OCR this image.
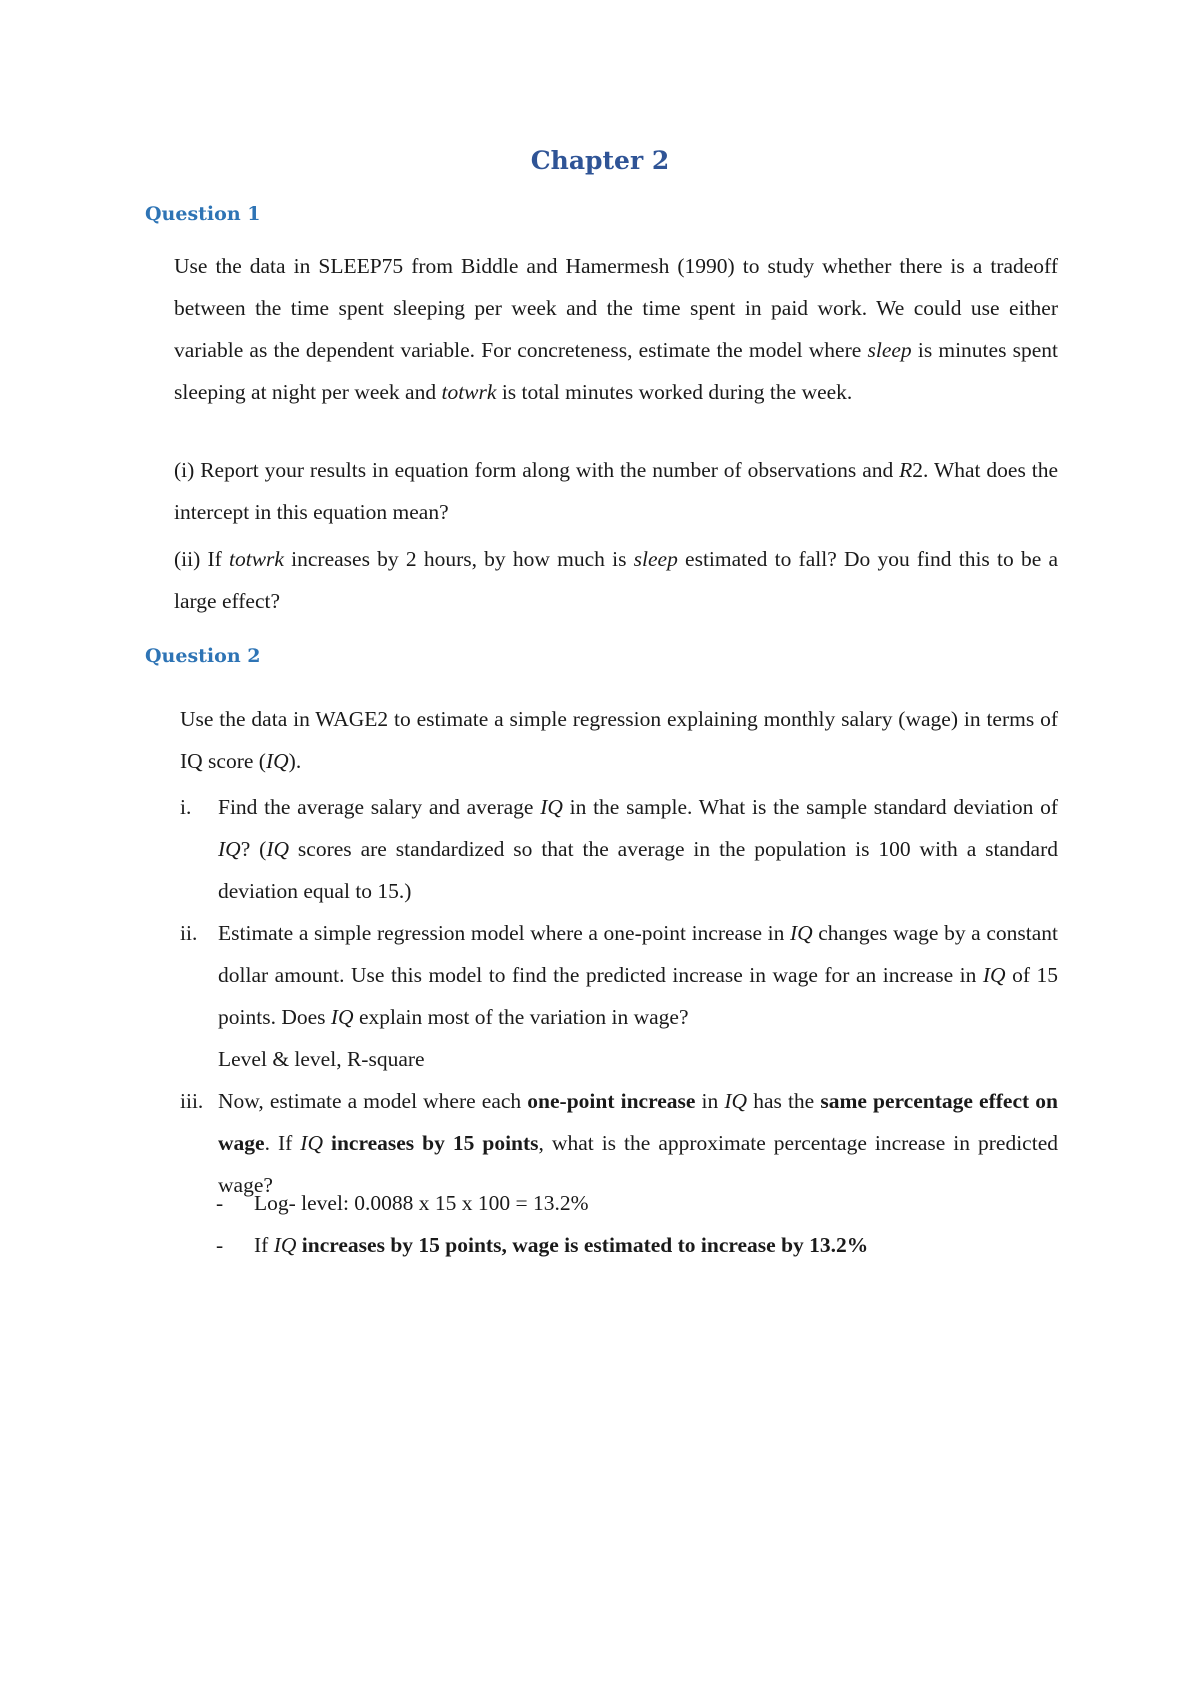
Chapter 2
Question 1

Use the data in SLEEP75 from Biddle and Hamermesh (1990) to study whether there is a tradeoff between the time spent sleeping per week and the time spent in paid work. We could use either variable as the dependent variable. For concreteness, estimate the model where sleep is minutes spent sleeping at night per week and totwrk is total minutes worked during the week.

(i) Report your results in equation form along with the number of observations and R2. What does the intercept in this equation mean?

(ii) If totwrk increases by 2 hours, by how much is sleep estimated to fall? Do you find this to be a large effect?

Question 2

Use the data in WAGE2 to estimate a simple regression explaining monthly salary (wage) in terms of IQ score (IQ).

i. Find the average salary and average IQ in the sample. What is the sample standard deviation of IQ? (IQ scores are standardized so that the average in the population is 100 with a standard deviation equal to 15.)
ii. Estimate a simple regression model where a one-point increase in IQ changes wage by a constant dollar amount. Use this model to find the predicted increase in wage for an increase in IQ of 15 points. Does IQ explain most of the variation in wage?
Level & level, R-square
iii. Now, estimate a model where each one-point increase in IQ has the same percentage effect on wage. If IQ increases by 15 points, what is the approximate percentage increase in predicted wage?
- Log- level: 0.0088 x 15 x 100 = 13.2%
- If IQ increases by 15 points, wage is estimated to increase by 13.2%
